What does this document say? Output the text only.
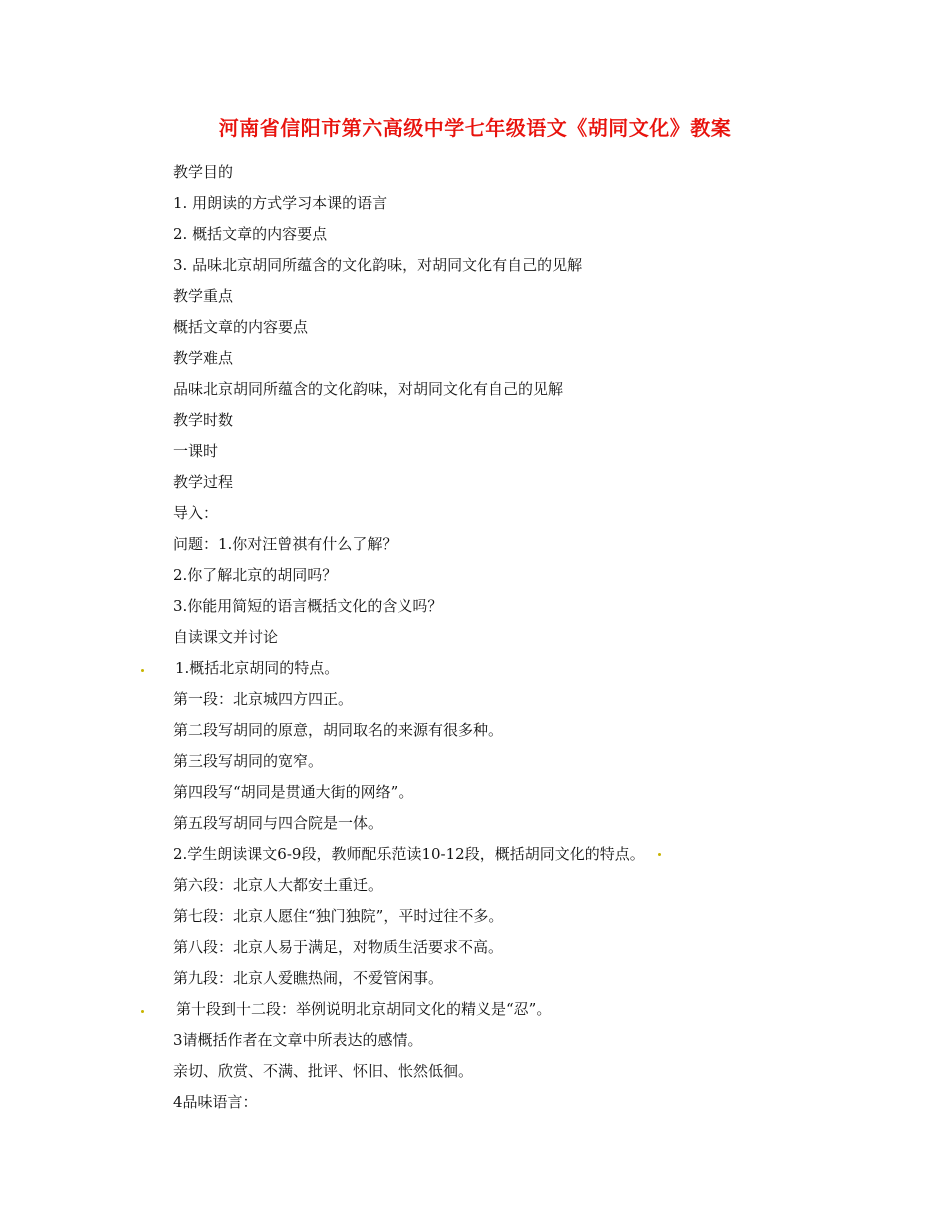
河南省信阳市第六高级中学七年级语文《胡同文化》教案
教学目的
1. 用朗读的方式学习本课的语言
2. 概括文章的内容要点
3. 品味北京胡同所蕴含的文化韵味，对胡同文化有自己的见解
教学重点
概括文章的内容要点
教学难点
品味北京胡同所蕴含的文化韵味，对胡同文化有自己的见解
教学时数
一课时
教学过程
导入：
问题：1.你对汪曾祺有什么了解？
2.你了解北京的胡同吗？
3.你能用简短的语言概括文化的含义吗？
自读课文并讨论
1.概括北京胡同的特点。
第一段：北京城四方四正。
第二段写胡同的原意，胡同取名的来源有很多种。
第三段写胡同的宽窄。
第四段写“胡同是贯通大街的网络”。
第五段写胡同与四合院是一体。
2.学生朗读课文6-9段，教师配乐范读10-12段，概括胡同文化的特点。
第六段：北京人大都安土重迁。
第七段：北京人愿住“独门独院”，平时过往不多。
第八段：北京人易于满足，对物质生活要求不高。
第九段：北京人爱瞧热闹，不爱管闲事。
第十段到十二段：举例说明北京胡同文化的精义是“忍”。
3请概括作者在文章中所表达的感情。
亲切、欣赏、不满、批评、怀旧、怅然低徊。
4品味语言：
